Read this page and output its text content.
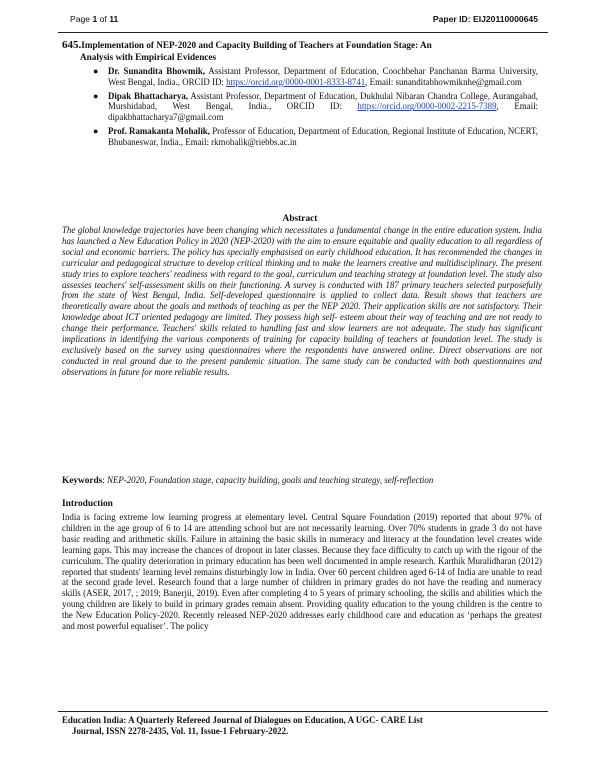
Page 1 of 11	Paper ID: EIJ20110000645
645.Implementation of NEP-2020 and Capacity Building of Teachers at Foundation Stage: An
Analysis with Empirical Evidences
● Dr. Sunandita Bhowmik, Assistant Professor, Department of Education, Coochbehar Panchanan Barma University, West Bengal, India., ORCID ID: https://orcid.org/0000-0001-8333-8741, Email: sunanditabhowmiknhe@gmail.com
● Dipak Bhattacharya, Assistant Professor, Department of Education, Dukhulal Nibaran Chandra College, Aurangabad, Murshidabad, West Bengal, India., ORCID ID: https://orcid.org/0000-0002-2215-7389, Email: dipakbhattacharya7@gmail.com
● Prof. Ramakanta Mohalik, Professor of Education, Department of Education, Regional Institute of Education, NCERT, Bhubaneswar, India., Email: rkmohalik@riebbs.ac.in
Abstract
The global knowledge trajectories have been changing which necessitates a fundamental change in the entire education system. India has launched a New Education Policy in 2020 (NEP-2020) with the aim to ensure equitable and quality education to all regardless of social and economic barriers. The policy has specially emphasised on early childhood education. It has recommended the changes in curricular and pedagogical structure to develop critical thinking and to make the learners creative and multidisciplinary. The present study tries to explore teachers' readiness with regard to the goal, curriculum and teaching strategy at foundation level. The study also assesses teachers' self-assessment skills on their functioning. A survey is conducted with 187 primary teachers selected purposefully from the state of West Bengal, India. Self-developed questionnaire is applied to collect data. Result shows that teachers are theoretically aware about the goals and methods of teaching as per the NEP 2020. Their application skills are not satisfactory. Their knowledge about ICT oriented pedagogy are limited. They possess high self- esteem about their way of teaching and are not ready to change their performance. Teachers' skills related to handling fast and slow learners are not adequate. The study has significant implications in identifying the various components of training for capacity building of teachers at foundation level. The study is exclusively based on the survey using questionnaires where the respondents have answered online. Direct observations are not conducted in real ground due to the present pandemic situation. The same study can be conducted with both questionnaires and observations in future for more reliable results.
Keywords: NEP-2020, Foundation stage, capacity building, goals and teaching strategy, self-reflection
Introduction
India is facing extreme low learning progress at elementary level. Central Square Foundation (2019) reported that about 97% of children in the age group of 6 to 14 are attending school but are not necessarily learning. Over 70% students in grade 3 do not have basic reading and arithmetic skills. Failure in attaining the basic skills in numeracy and literacy at the foundation level creates wide learning gaps. This may increase the chances of dropout in later classes. Because they face difficulty to catch up with the rigour of the curriculum. The quality deterioration in primary education has been well documented in ample research. Karthik Muralidharan (2012) reported that students' learning level remains disturbingly low in India. Over 60 percent children aged 6-14 of India are unable to read at the second grade level. Research found that a large number of children in primary grades do not have the reading and numeracy skills (ASER, 2017, ; 2019; Banerjii, 2019). Even after completing 4 to 5 years of primary schooling, the skills and abilities which the young children are likely to build in primary grades remain absent. Providing quality education to the young children is the centre to the New Education Policy-2020. Recently released NEP-2020 addresses early childhood care and education as ‘perhaps the greatest and most powerful equaliser’. The policy
Education India: A Quarterly Refereed Journal of Dialogues on Education, A UGC- CARE List
Journal, ISSN 2278-2435, Vol. 11, Issue-1 February-2022.
